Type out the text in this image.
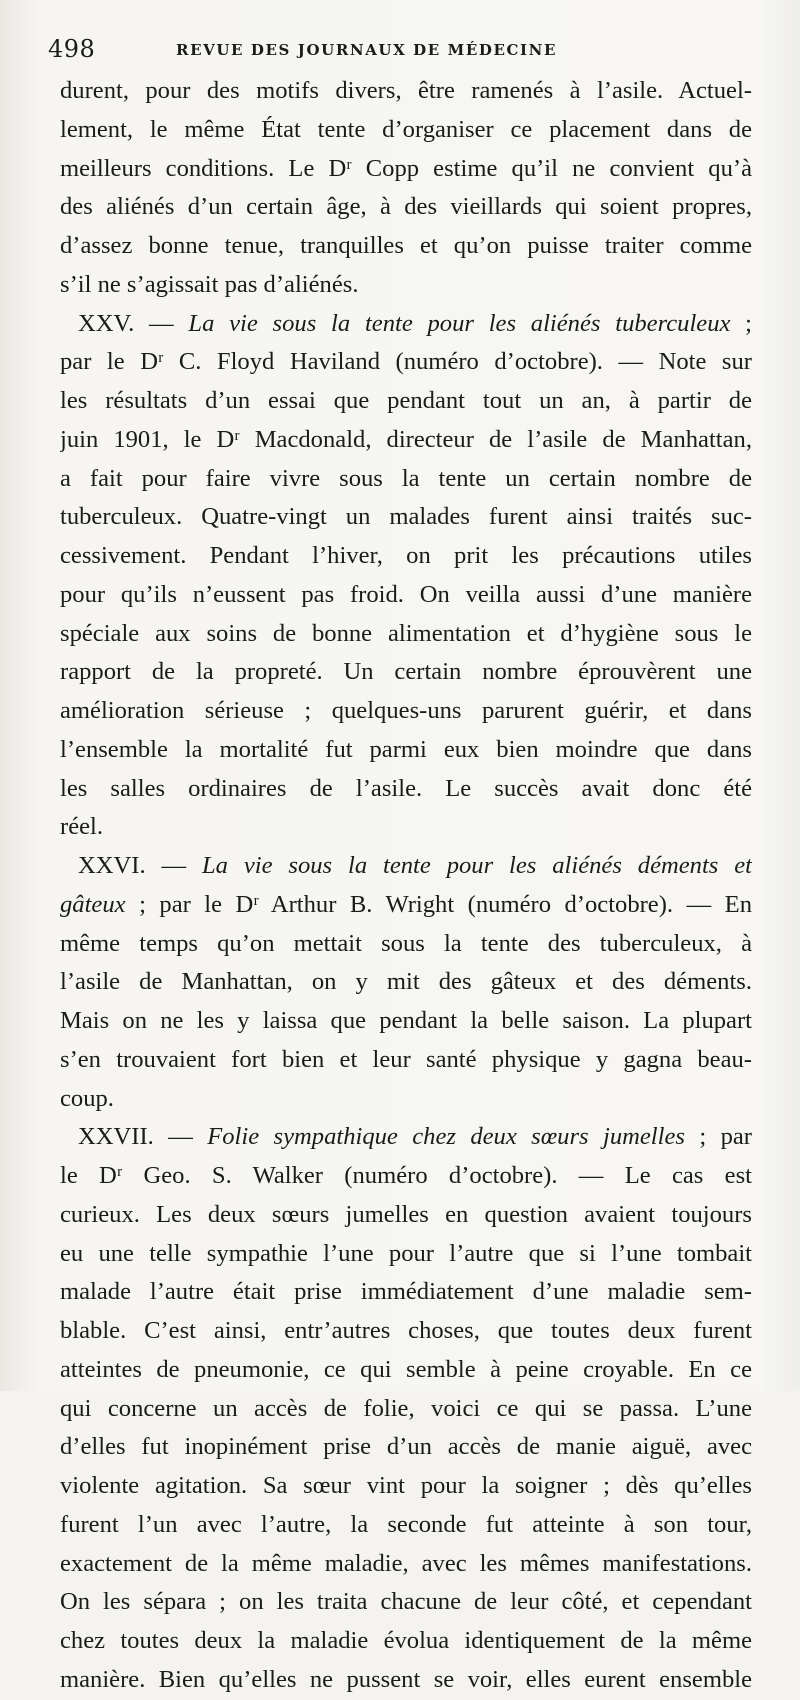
498	REVUE DES JOURNAUX DE MÉDECINE
durent, pour des motifs divers, être ramenés à l’asile. Actuel-
lement, le même État tente d’organiser ce placement dans de
meilleurs conditions. Le Dʳ Copp estime qu’il ne convient qu’à
des aliénés d’un certain âge, à des vieillards qui soient propres,
d’assez bonne tenue, tranquilles et qu’on puisse traiter comme
s’il ne s’agissait pas d’aliénés.
XXV. — La vie sous la tente pour les aliénés tuberculeux ;
par le Dʳ C. Floyd Haviland (numéro d’octobre). — Note sur
les résultats d’un essai que pendant tout un an, à partir de
juin 1901, le Dʳ Macdonald, directeur de l’asile de Manhattan,
a fait pour faire vivre sous la tente un certain nombre de
tuberculeux. Quatre-vingt un malades furent ainsi traités suc-
cessivement. Pendant l’hiver, on prit les précautions utiles
pour qu’ils n’eussent pas froid. On veilla aussi d’une manière
spéciale aux soins de bonne alimentation et d’hygiène sous le
rapport de la propreté. Un certain nombre éprouvèrent une
amélioration sérieuse ; quelques-uns parurent guérir, et dans
l’ensemble la mortalité fut parmi eux bien moindre que dans
les salles ordinaires de l’asile. Le succès avait donc été
réel.
XXVI. — La vie sous la tente pour les aliénés déments et
gâteux ; par le Dʳ Arthur B. Wright (numéro d’octobre). — En
même temps qu’on mettait sous la tente des tuberculeux, à
l’asile de Manhattan, on y mit des gâteux et des déments.
Mais on ne les y laissa que pendant la belle saison. La plupart
s’en trouvaient fort bien et leur santé physique y gagna beau-
coup.
XXVII. — Folie sympathique chez deux sœurs jumelles ; par
le Dʳ Geo. S. Walker (numéro d’octobre). — Le cas est
curieux. Les deux sœurs jumelles en question avaient toujours
eu une telle sympathie l’une pour l’autre que si l’une tombait
malade l’autre était prise immédiatement d’une maladie sem-
blable. C’est ainsi, entr’autres choses, que toutes deux furent
atteintes de pneumonie, ce qui semble à peine croyable. En ce
qui concerne un accès de folie, voici ce qui se passa. L’une
d’elles fut inopinément prise d’un accès de manie aiguë, avec
violente agitation. Sa sœur vint pour la soigner ; dès qu’elles
furent l’un avec l’autre, la seconde fut atteinte à son tour,
exactement de la même maladie, avec les mêmes manifestations.
On les sépara ; on les traita chacune de leur côté, et cependant
chez toutes deux la maladie évolua identiquement de la même
manière. Bien qu’elles ne pussent se voir, elles eurent ensemble
